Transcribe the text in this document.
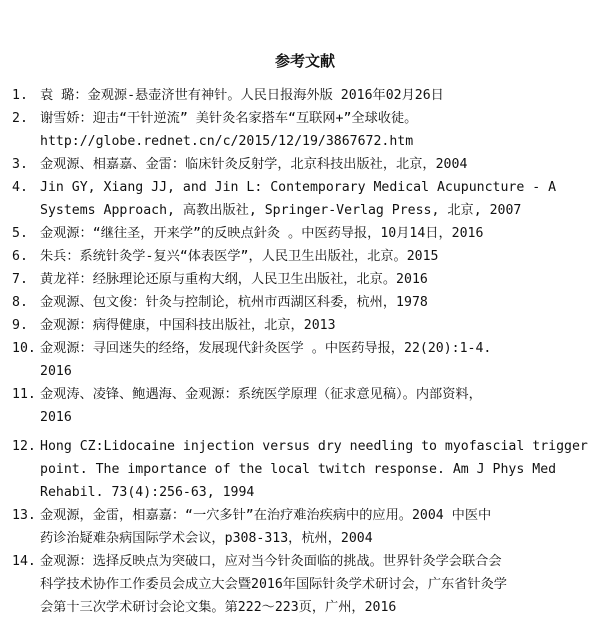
参考文献
1. 袁 璐：金观源-悬壶济世有神针。人民日报海外版 2016年02月26日
2. 谢雪娇：迎击“干针逆流” 美针灸名家搭车“互联网+”全球收徒。
http://globe.rednet.cn/c/2015/12/19/3867672.htm
3. 金观源、相嘉嘉、金雷：临床针灸反射学，北京科技出版社，北京，2004
4. Jin GY, Xiang JJ, and Jin L: Contemporary Medical Acupuncture - A
Systems Approach, 高教出版社, Springer-Verlag Press, 北京, 2007
5. 金观源：“继往圣，开来学”的反映点針灸 。中医药导报，10月14日，2016
6. 朱兵：系统针灸学-复兴“体表医学”，人民卫生出版社，北京。2015
7. 黄龙祥：经脉理论还原与重构大纲，人民卫生出版社，北京。2016
8. 金观源、包文俊：针灸与控制论，杭州市西湖区科委，杭州，1978
9. 金观源：病得健康，中国科技出版社，北京，2013
10. 金观源：寻回迷失的经络，发展现代針灸医学 。中医药导报，22(20):1-4.
2016
11. 金观涛、凌锋、鲍遇海、金观源：系统医学原理（征求意见稿）。内部资料，
2016
12. Hong CZ:Lidocaine injection versus dry needling to myofascial trigger
point. The importance of the local twitch response. Am J Phys Med
Rehabil. 73(4):256-63, 1994
13. 金观源，金雷，相嘉嘉：“一穴多针”在治疗难治疾病中的应用。2004 中医中
药诊治疑难杂病国际学术会议，p308-313，杭州，2004
14. 金观源：选择反映点为突破口，应对当今针灸面临的挑战。世界针灸学会联合会
科学技术协作工作委员会成立大会暨2016年国际针灸学术研讨会，广东省针灸学
会第十三次学术研讨会论文集。第222～223页，广州，2016
